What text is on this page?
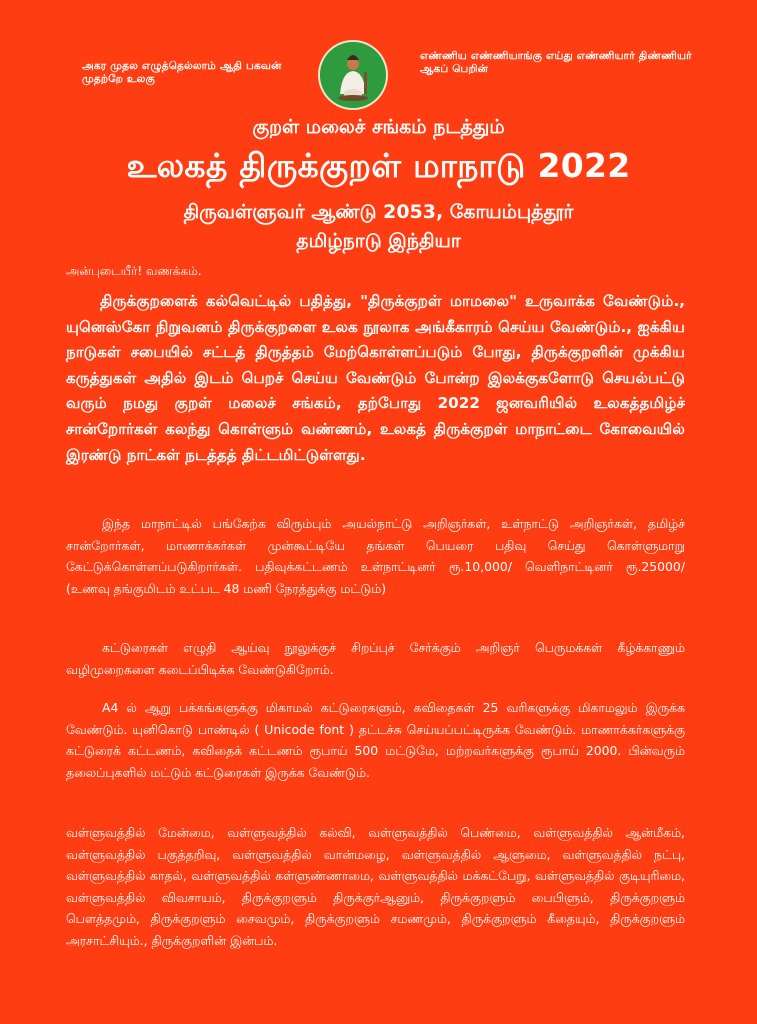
அகர முதல எழுத்தெல்லாம் ஆதி பகவன் முதற்றே உலகு
எண்ணிய எண்ணியாங்கு எய்து எண்ணியார் திண்ணியர் ஆகப் பெறின்
குறள் மலைச் சங்கம் நடத்தும்
உலகத் திருக்குறள் மாநாடு 2022
திருவள்ளுவர் ஆண்டு 2053, கோயம்புத்தூர்
தமிழ்நாடு இந்தியா
அன்புடையீர்! வணக்கம்.
திருக்குறளைக் கல்வெட்டில் பதித்து, "திருக்குறள் மாமலை" உருவாக்க வேண்டும்., யுனெஸ்கோ நிறுவனம் திருக்குறளை உலக நூலாக அங்கீகாரம் செய்ய வேண்டும்., ஐக்கிய நாடுகள் சபையில் சட்டத் திருத்தம் மேற்கொள்ளப்படும் போது, திருக்குறளின் முக்கிய கருத்துகள் அதில் இடம் பெறச் செய்ய வேண்டும் போன்ற இலக்குகளோடு செயல்பட்டு வரும் நமது குறள் மலைச் சங்கம், தற்போது 2022 ஜனவரியில் உலகத்தமிழ்ச் சான்றோர்கள் கலந்து கொள்ளும் வண்ணம், உலகத் திருக்குறள் மாநாட்டை கோவையில் இரண்டு நாட்கள் நடத்தத் திட்டமிட்டுள்ளது.
இந்த மாநாட்டில் பங்கேற்க விரும்பும் அயல்நாட்டு அறிஞர்கள், உள்நாட்டு அறிஞர்கள், தமிழ்ச் சான்றோர்கள், மாணாக்கர்கள் முன்கூட்டியே தங்கள் பெயரை பதிவு செய்து கொள்ளுமாறு கேட்டுக்கொள்ளப்படுகிறார்கள். பதிவுக்கட்டணம் உள்நாட்டினர் ரூ.10,000/ வெளிநாட்டினர் ரூ.25000/ (உணவு தங்குமிடம் உட்பட 48 மணி நேரத்துக்கு மட்டும்)
கட்டுரைகள் எழுதி ஆய்வு நூலுக்குச் சிறப்புச் சேர்க்கும் அறிஞர் பெருமக்கள் கீழ்க்காணும் வழிமுறைகளை கடைப்பிடிக்க வேண்டுகிறோம்.
A4 ல் ஆறு பக்கங்களுக்கு மிகாமல் கட்டுரைகளும், கவிதைகள் 25 வரிகளுக்கு மிகாமலும் இருக்க வேண்டும். யுனிகொடு பாண்டில் ( Unicode font ) தட்டச்சு செய்யப்பட்டிருக்க வேண்டும். மாணாக்கர்களுக்கு கட்டுரைக் கட்டணம், கவிதைக் கட்டணம் ரூபாய் 500 மட்டுமே, மற்றவர்களுக்கு ரூபாய் 2000. பின்வரும் தலைப்புகளில் மட்டும் கட்டுரைகள் இருக்க வேண்டும்.
வள்ளுவத்தில் மேன்மை, வள்ளுவத்தில் கல்வி, வள்ளுவத்தில் பெண்மை, வள்ளுவத்தில் ஆன்மீகம், வள்ளுவத்தில் பகுத்தறிவு, வள்ளுவத்தில் வான்மழை, வள்ளுவத்தில் ஆளுமை, வள்ளுவத்தில் நட்பு, வள்ளுவத்தில் காதல், வள்ளுவத்தில் கள்ளுண்ணாமை, வள்ளுவத்தில் மக்கட்பேறு, வள்ளுவத்தில் குடியுரிமை, வள்ளுவத்தில் விவசாயம், திருக்குறளும் திருக்குர்ஆனும், திருக்குறளும் பைபிளும், திருக்குறளும் பௌத்தமும், திருக்குறளும் சைவமும், திருக்குறளும் சமணமும், திருக்குறளும் கீதையும், திருக்குறளும் அரசாட்சியும்., திருக்குறளின் இன்பம்.
